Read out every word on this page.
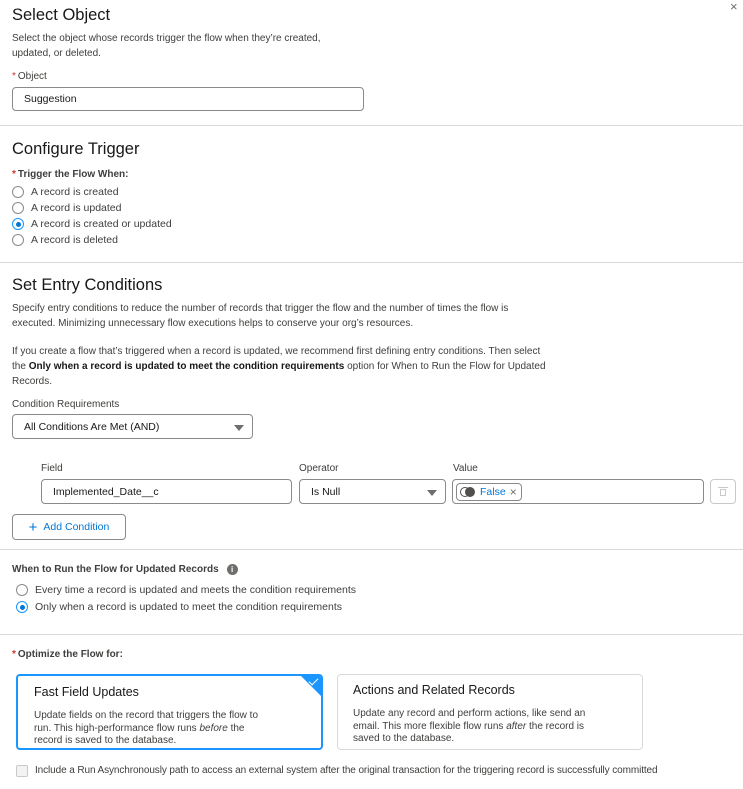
×
Select Object
Select the object whose records trigger the flow when they’re created,
updated, or deleted.
* Object
Suggestion
Configure Trigger
* Trigger the Flow When:
A record is created
A record is updated
A record is created or updated
A record is deleted
Set Entry Conditions
Specify entry conditions to reduce the number of records that trigger the flow and the number of times the flow is
executed. Minimizing unnecessary flow executions helps to conserve your org’s resources.
If you create a flow that’s triggered when a record is updated, we recommend first defining entry conditions. Then select
the Only when a record is updated to meet the condition requirements option for When to Run the Flow for Updated
Records.
Condition Requirements
All Conditions Are Met (AND)
Field	Operator	Value
Implemented_Date__c	Is Null	False ×
+ Add Condition
When to Run the Flow for Updated Records	i
Every time a record is updated and meets the condition requirements
Only when a record is updated to meet the condition requirements
* Optimize the Flow for:
Fast Field Updates
Update fields on the record that triggers the flow to
run. This high-performance flow runs before the
record is saved to the database.
Actions and Related Records
Update any record and perform actions, like send an
email. This more flexible flow runs after the record is
saved to the database.
Include a Run Asynchronously path to access an external system after the original transaction for the triggering record is successfully committed
